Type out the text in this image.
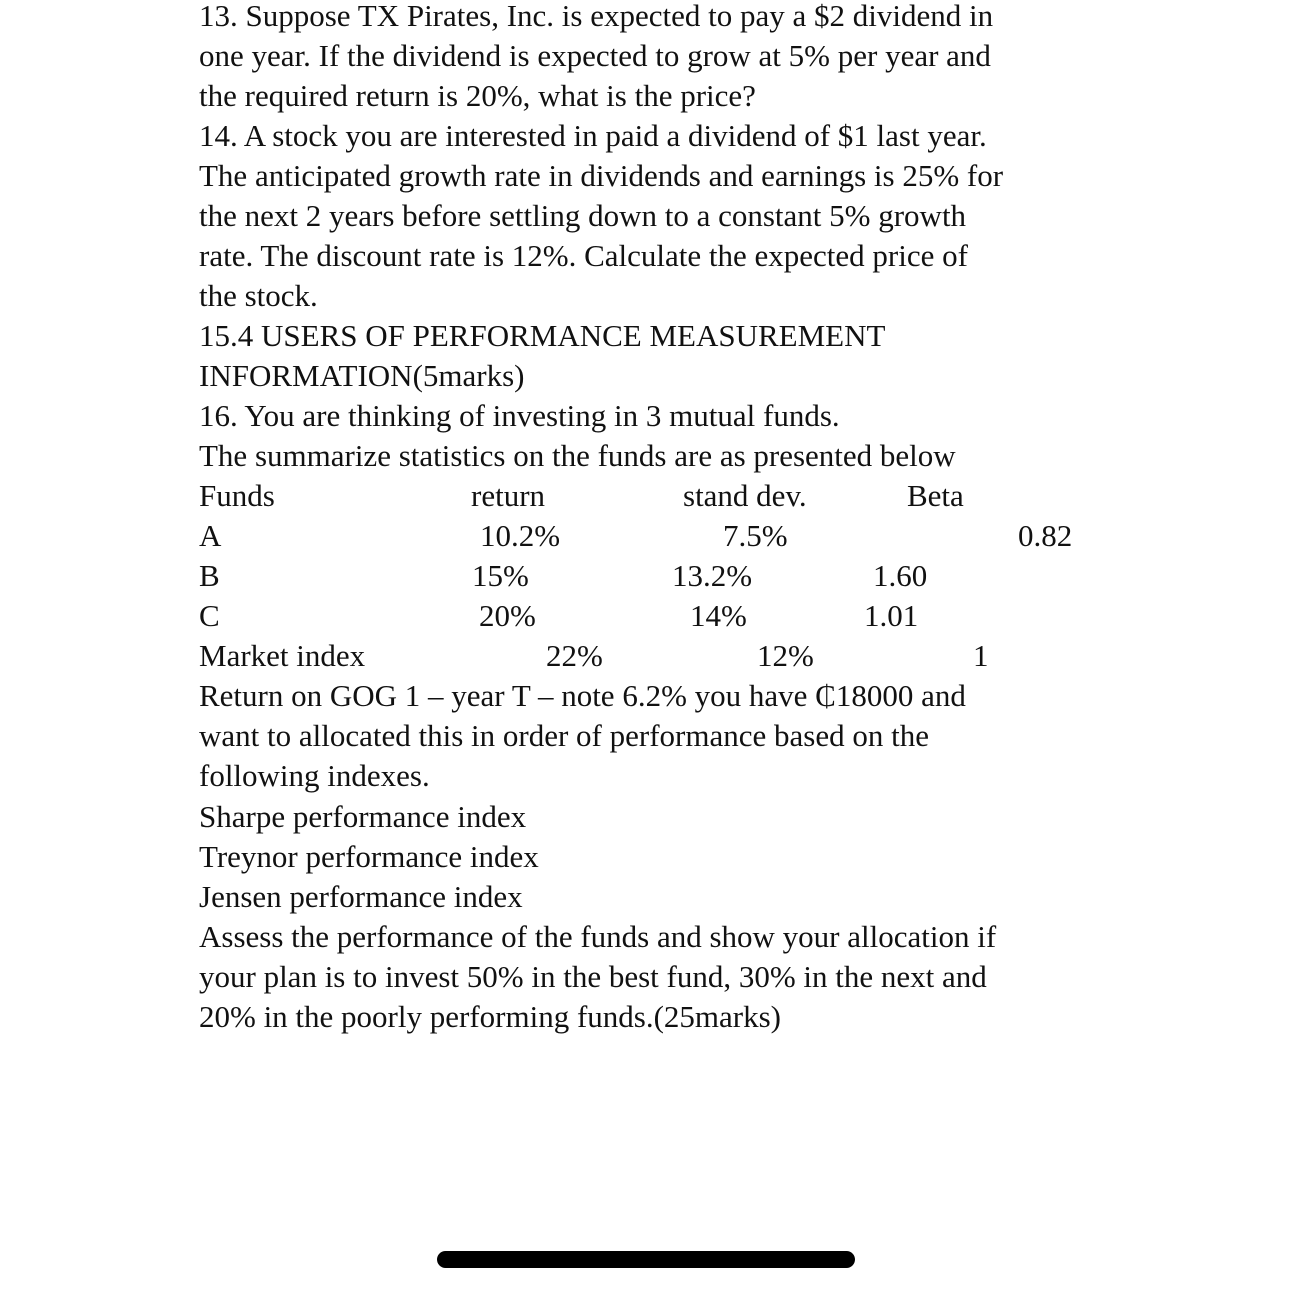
13. Suppose TX Pirates, Inc. is expected to pay a $2 dividend in
one year. If the dividend is expected to grow at 5% per year and
the required return is 20%, what is the price?
14. A stock you are interested in paid a dividend of $1 last year.
The anticipated growth rate in dividends and earnings is 25% for
the next 2 years before settling down to a constant 5% growth
rate. The discount rate is 12%. Calculate the expected price of
the stock.
15.4 USERS OF PERFORMANCE MEASUREMENT
INFORMATION(5marks)
16. You are thinking of investing in 3 mutual funds.
The summarize statistics on the funds are as presented below
Funds	return	stand dev.	Beta
A	10.2%	7.5%	0.82
B	15%	13.2%	1.60
C	20%	14%	1.01
Market index	22%	12%	1
Return on GOG 1 – year T – note 6.2% you have ₵18000 and
want to allocated this in order of performance based on the
following indexes.
Sharpe performance index
Treynor performance index
Jensen performance index
Assess the performance of the funds and show your allocation if
your plan is to invest 50% in the best fund, 30% in the next and
20% in the poorly performing funds.(25marks)
